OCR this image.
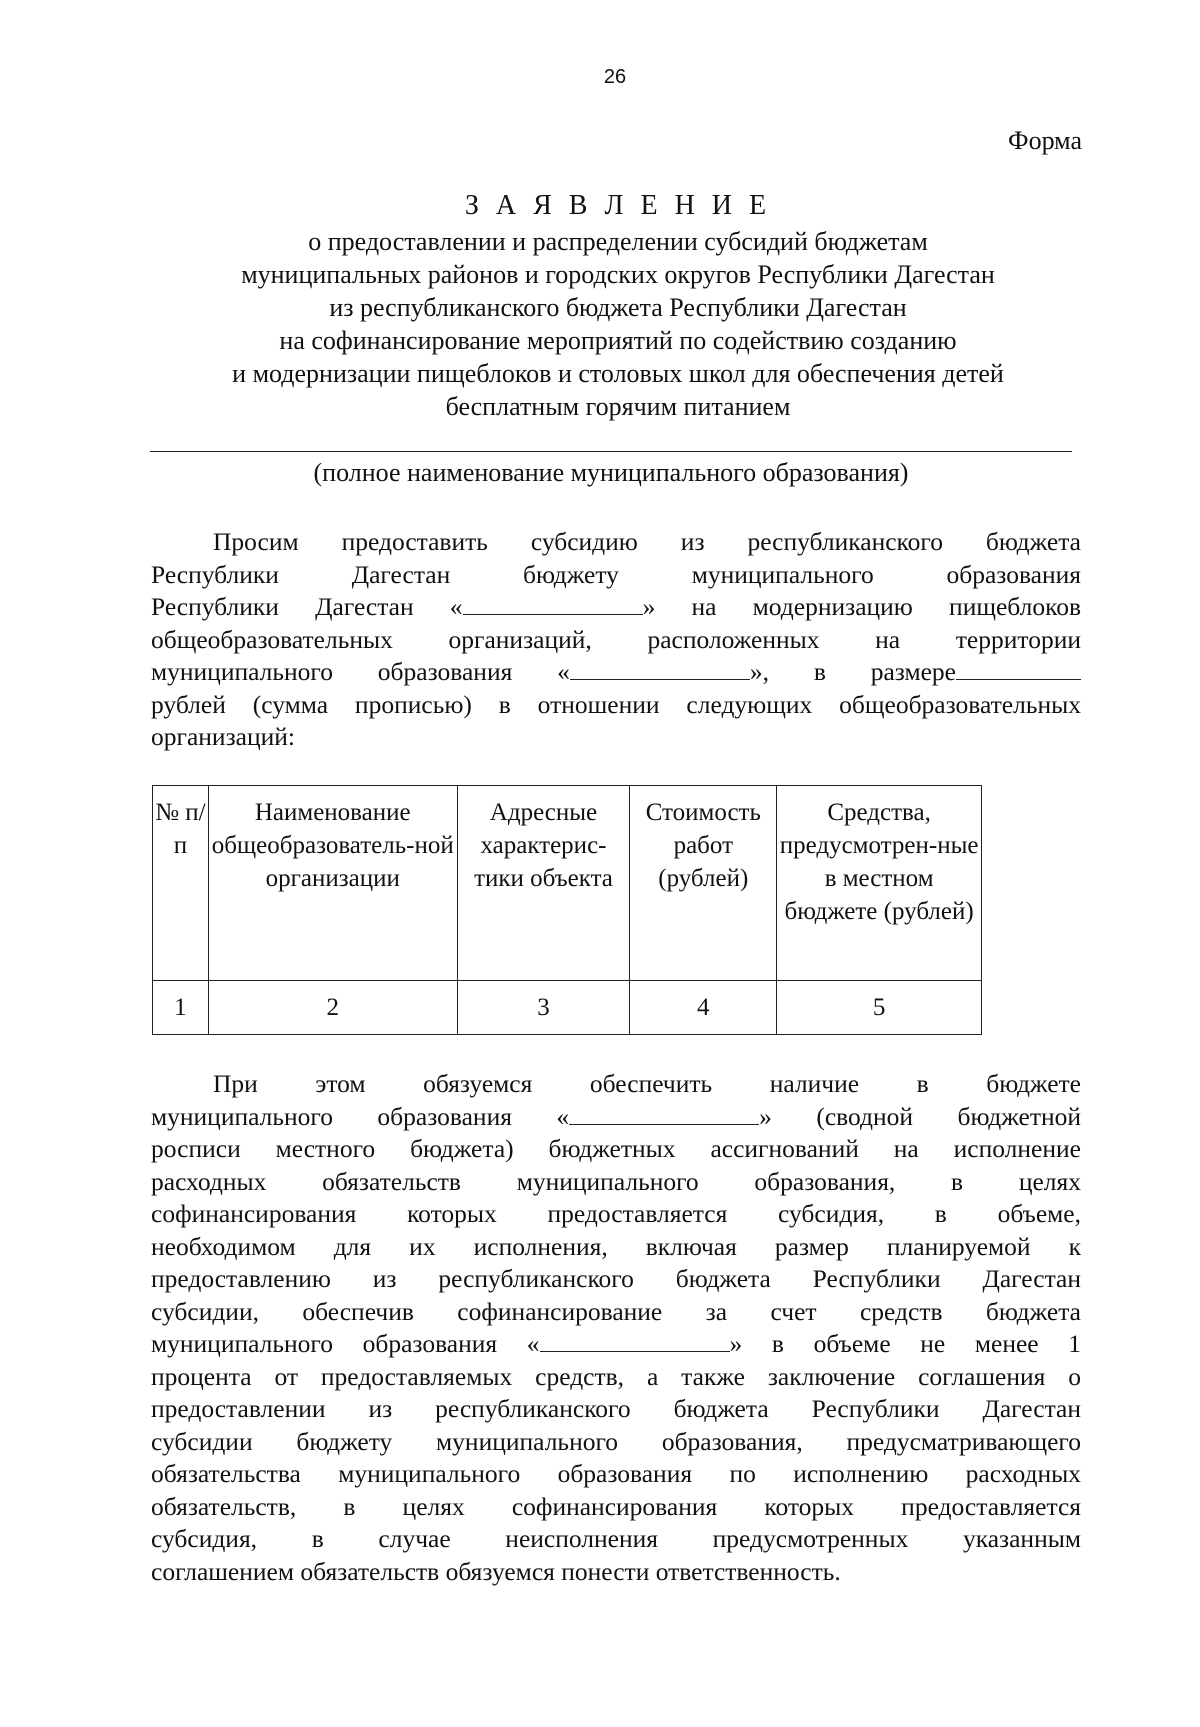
26
Форма
З А Я В Л Е Н И Е
о предоставлении и распределении субсидий бюджетам
муниципальных районов и городских округов Республики Дагестан
из республиканского бюджета Республики Дагестан
на софинансирование мероприятий по содействию созданию
и модернизации пищеблоков и столовых школ для обеспечения детей
бесплатным горячим питанием
(полное наименование муниципального образования)
Просим предоставить субсидию из республиканского бюджета
Республики Дагестан бюджету муниципального образования
Республики Дагестан «	» на модернизацию пищеблоков
общеобразовательных организаций, расположенных на территории
муниципального образования «	», в размере
рублей (сумма прописью) в отношении следующих общеобразовательных
организаций:
№ п/п	Наименование общеобразователь-ной организации	Адресные характерис-тики объекта	Стоимость работ (рублей)	Средства, предусмотрен-ные в местном бюджете (рублей)
1	2	3	4	5
При этом обязуемся обеспечить наличие в бюджете
муниципального образования «	» (сводной бюджетной
росписи местного бюджета) бюджетных ассигнований на исполнение
расходных обязательств муниципального образования, в целях
софинансирования которых предоставляется субсидия, в объеме,
необходимом для их исполнения, включая размер планируемой к
предоставлению из республиканского бюджета Республики Дагестан
субсидии, обеспечив софинансирование за счет средств бюджета
муниципального образования «	» в объеме не менее 1
процента от предоставляемых средств, а также заключение соглашения о
предоставлении из республиканского бюджета Республики Дагестан
субсидии бюджету муниципального образования, предусматривающего
обязательства муниципального образования по исполнению расходных
обязательств, в целях софинансирования которых предоставляется
субсидия, в случае неисполнения предусмотренных указанным
соглашением обязательств обязуемся понести ответственность.
